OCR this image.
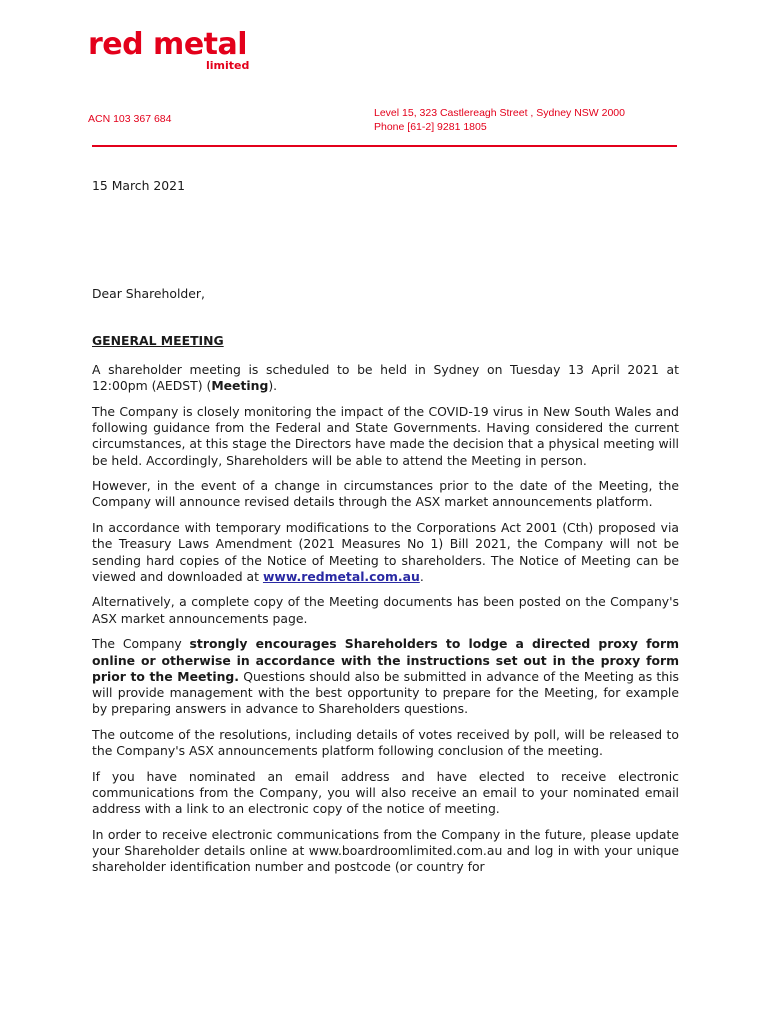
red metal
limited
ACN 103 367 684	Level 15, 323 Castlereagh Street , Sydney NSW 2000
Phone [61-2] 9281 1805
15 March 2021
Dear Shareholder,
GENERAL MEETING

A shareholder meeting is scheduled to be held in Sydney on Tuesday 13 April 2021 at 12:00pm (AEDST) (Meeting).

The Company is closely monitoring the impact of the COVID-19 virus in New South Wales and following guidance from the Federal and State Governments. Having considered the current circumstances, at this stage the Directors have made the decision that a physical meeting will be held. Accordingly, Shareholders will be able to attend the Meeting in person.

However, in the event of a change in circumstances prior to the date of the Meeting, the Company will announce revised details through the ASX market announcements platform.

In accordance with temporary modifications to the Corporations Act 2001 (Cth) proposed via the Treasury Laws Amendment (2021 Measures No 1) Bill 2021, the Company will not be sending hard copies of the Notice of Meeting to shareholders. The Notice of Meeting can be viewed and downloaded at www.redmetal.com.au.

Alternatively, a complete copy of the Meeting documents has been posted on the Company's ASX market announcements page.

The Company strongly encourages Shareholders to lodge a directed proxy form online or otherwise in accordance with the instructions set out in the proxy form prior to the Meeting. Questions should also be submitted in advance of the Meeting as this will provide management with the best opportunity to prepare for the Meeting, for example by preparing answers in advance to Shareholders questions.

The outcome of the resolutions, including details of votes received by poll, will be released to the Company's ASX announcements platform following conclusion of the meeting.

If you have nominated an email address and have elected to receive electronic communications from the Company, you will also receive an email to your nominated email address with a link to an electronic copy of the notice of meeting.

In order to receive electronic communications from the Company in the future, please update your Shareholder details online at www.boardroomlimited.com.au and log in with your unique shareholder identification number and postcode (or country for
